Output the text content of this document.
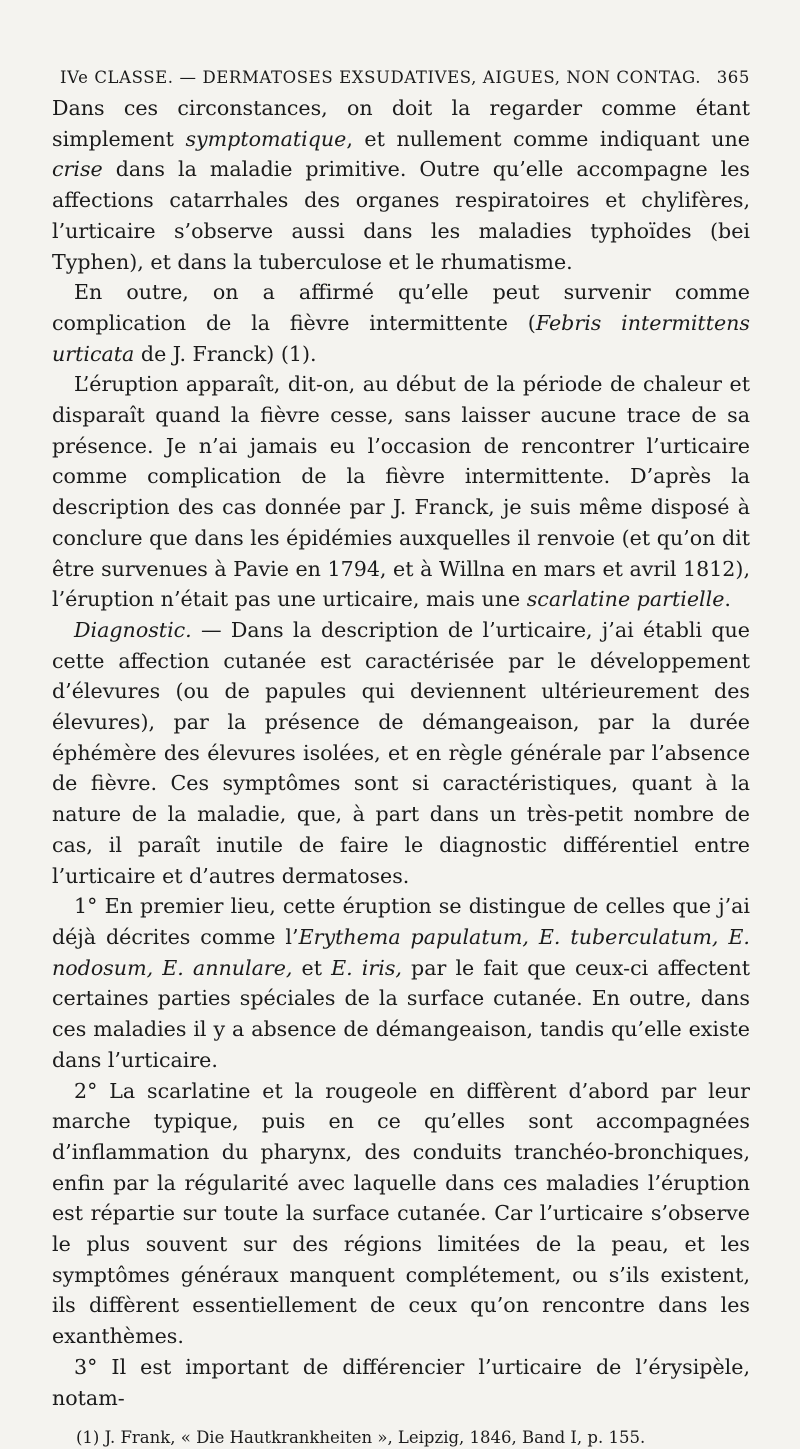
IVe CLASSE. — DERMATOSES EXSUDATIVES, AIGUES, NON CONTAG. 365

Dans ces circonstances, on doit la regarder comme étant simplement symptomatique, et nullement comme indiquant une crise dans la maladie primitive. Outre qu’elle accompagne les affections catarrhales des organes respiratoires et chylifères, l’urticaire s’observe aussi dans les maladies typhoïdes (bei Typhen), et dans la tuberculose et le rhumatisme.

En outre, on a affirmé qu’elle peut survenir comme complication de la fièvre intermittente (Febris intermittens urticata de J. Franck) (1).

L’éruption apparaît, dit-on, au début de la période de chaleur et disparaît quand la fièvre cesse, sans laisser aucune trace de sa présence. Je n’ai jamais eu l’occasion de rencontrer l’urticaire comme complication de la fièvre intermittente. D’après la description des cas donnée par J. Franck, je suis même disposé à conclure que dans les épidémies auxquelles il renvoie (et qu’on dit être survenues à Pavie en 1794, et à Willna en mars et avril 1812), l’éruption n’était pas une urticaire, mais une scarlatine partielle.

Diagnostic. — Dans la description de l’urticaire, j’ai établi que cette affection cutanée est caractérisée par le développement d’élevures (ou de papules qui deviennent ultérieurement des élevures), par la présence de démangeaison, par la durée éphémère des élevures isolées, et en règle générale par l’absence de fièvre. Ces symptômes sont si caractéristiques, quant à la nature de la maladie, que, à part dans un très-petit nombre de cas, il paraît inutile de faire le diagnostic différentiel entre l’urticaire et d’autres dermatoses.

1° En premier lieu, cette éruption se distingue de celles que j’ai déjà décrites comme l’Erythema papulatum, E. tuberculatum, E. nodosum, E. annulare, et E. iris, par le fait que ceux-ci affectent certaines parties spéciales de la surface cutanée. En outre, dans ces maladies il y a absence de démangeaison, tandis qu’elle existe dans l’urticaire.

2° La scarlatine et la rougeole en diffèrent d’abord par leur marche typique, puis en ce qu’elles sont accompagnées d’inflammation du pharynx, des conduits tranchéo-bronchiques, enfin par la régularité avec laquelle dans ces maladies l’éruption est répartie sur toute la surface cutanée. Car l’urticaire s’observe le plus souvent sur des régions limitées de la peau, et les symptômes généraux manquent complétement, ou s’ils existent, ils diffèrent essentiellement de ceux qu’on rencontre dans les exanthèmes.

3° Il est important de différencier l’urticaire de l’érysipèle, notam-

(1) J. Frank, « Die Hautkrankheiten », Leipzig, 1846, Band I, p. 155.
